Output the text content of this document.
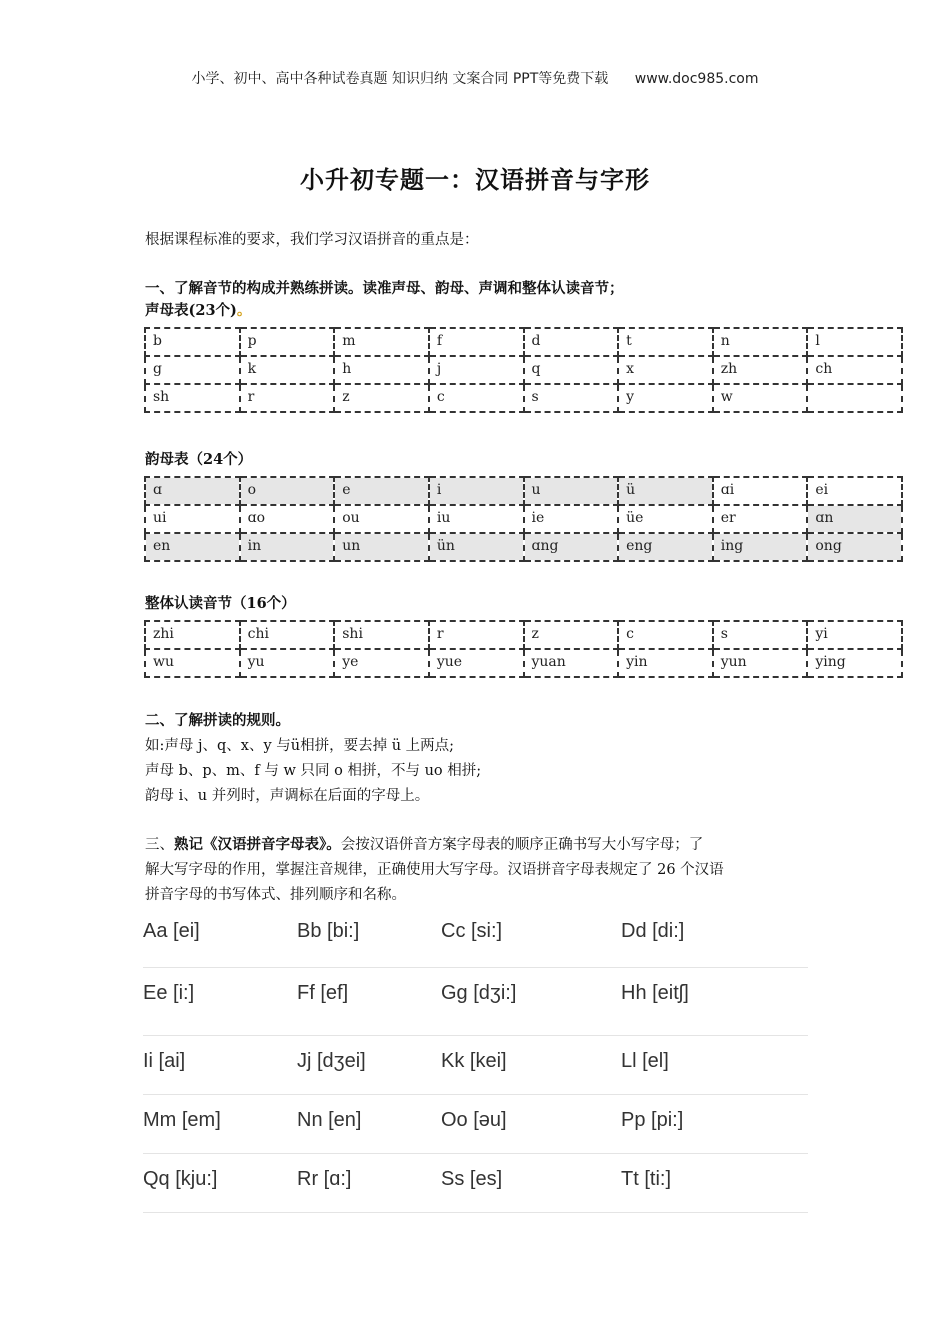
小学、初中、高中各种试卷真题 知识归纳 文案合同 PPT等免费下载 www.doc985.com
小升初专题一：汉语拼音与字形
根据课程标准的要求，我们学习汉语拼音的重点是：
一、了解音节的构成并熟练拼读。读准声母、韵母、声调和整体认读音节；
声母表(23个)。
b	p	m	f	d	t	n	l
g	k	h	j	q	x	zh	ch
sh	r	z	c	s	y	w	
韵母表（24个）
ɑ	o	e	i	u	ü	ɑi	ei
ui	ɑo	ou	iu	ie	üe	er	ɑn
en	in	un	ün	ɑng	eng	ing	ong
整体认读音节（16个）
zhi	chi	shi	r	z	c	s	yi
wu	yu	ye	yue	yuan	yin	yun	ying
二、了解拼读的规则。
如:声母 j、q、x、y 与ü相拼，要去掉 ü 上两点;
声母 b、p、m、f 与 w 只同 o 相拼，不与 uo 相拼;
韵母 i、u 并列时，声调标在后面的字母上。
三、熟记《汉语拼音字母表》。会按汉语併音方案字母表的顺序正确书写大小写字母；了
解大写字母的作用，掌握注音规律，正确使用大写字母。汉语拼音字母表规定了 26 个汉语
拼音字母的书写体式、排列顺序和名称。
Aa [ei]	Bb [bi:]	Cc [si:]	Dd [di:]
Ee [i:]	Ff [ef]	Gg [dʒi:]	Hh [eitʃ]
Ii [ai]	Jj [dʒei]	Kk [kei]	Ll [el]
Mm [em]	Nn [en]	Oo [əu]	Pp [pi:]
Qq [kju:]	Rr [ɑ:]	Ss [es]	Tt [ti:]
